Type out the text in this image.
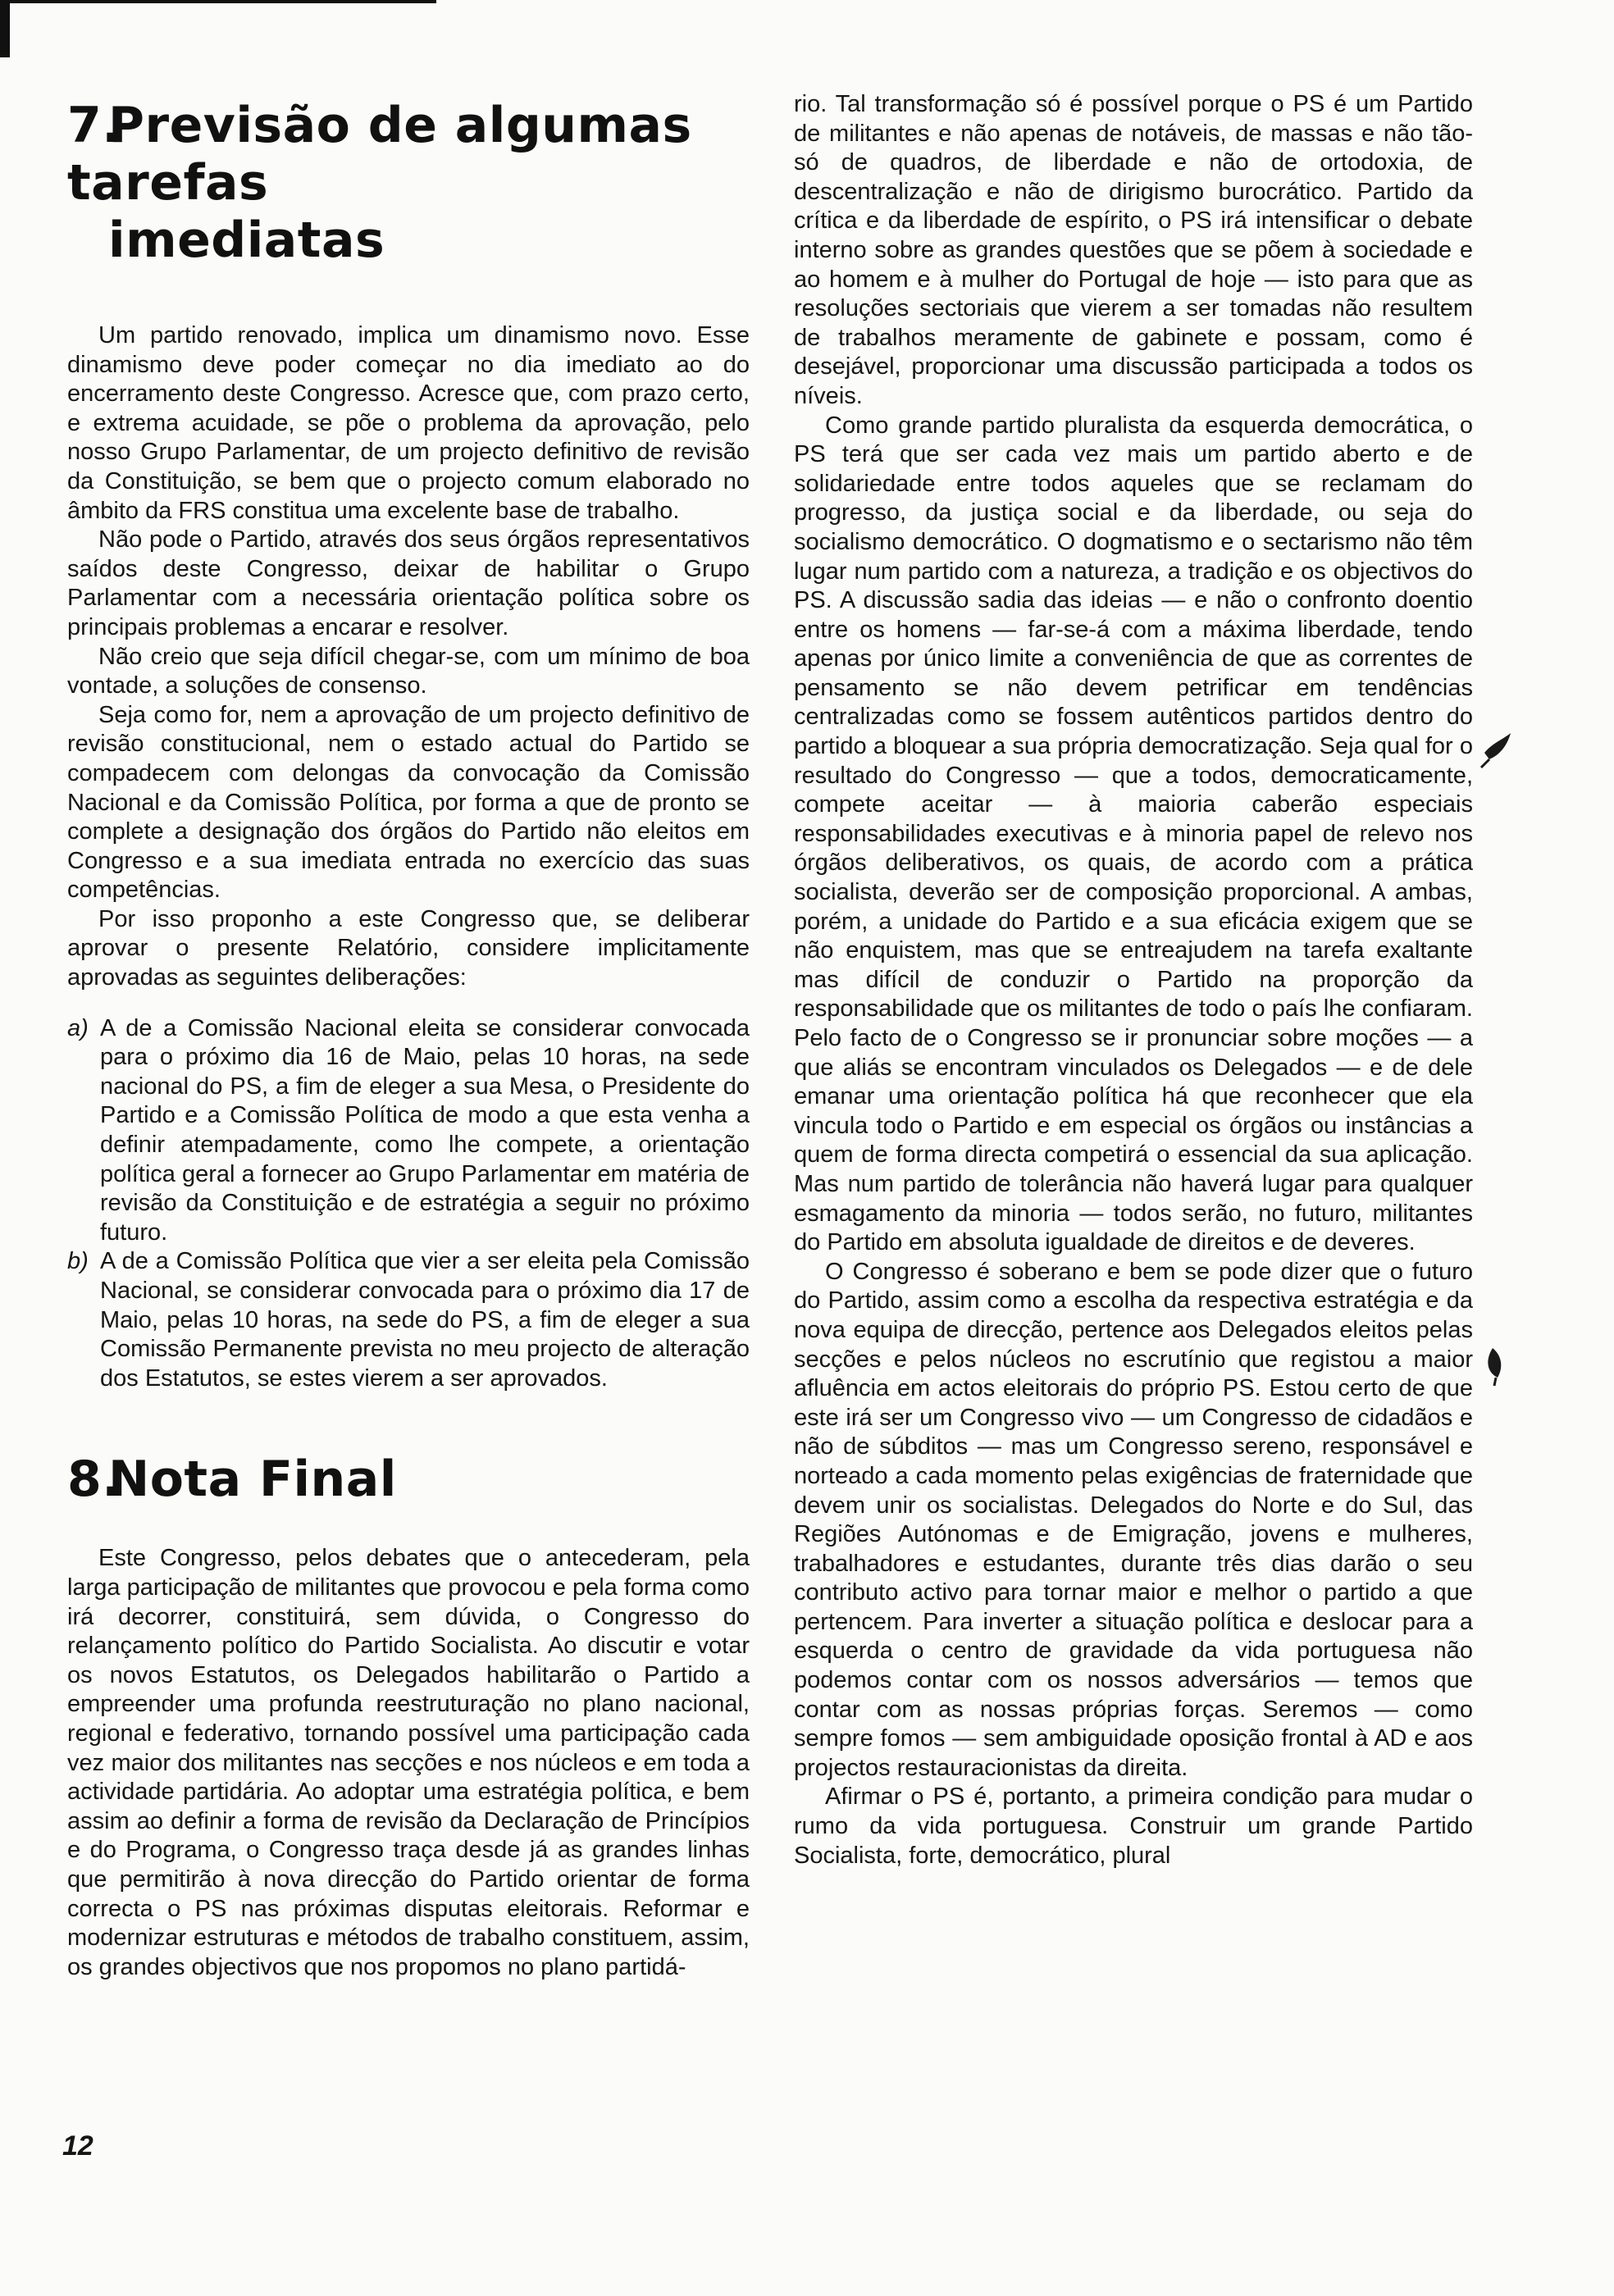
7.Previsão de algumas tarefas
imediatas

Um partido renovado, implica um dinamismo novo. Esse dinamismo deve poder começar no dia imediato ao do encerramento deste Congresso. Acresce que, com prazo certo, e extrema acuidade, se põe o problema da aprovação, pelo nosso Grupo Parlamentar, de um projecto definitivo de revisão da Constituição, se bem que o projecto comum elaborado no âmbito da FRS constitua uma excelente base de trabalho.

Não pode o Partido, através dos seus órgãos representativos saídos deste Congresso, deixar de habilitar o Grupo Parlamentar com a necessária orientação política sobre os principais problemas a encarar e resolver.

Não creio que seja difícil chegar-se, com um mínimo de boa vontade, a soluções de consenso.

Seja como for, nem a aprovação de um projecto definitivo de revisão constitucional, nem o estado actual do Partido se compadecem com delongas da convocação da Comissão Nacional e da Comissão Política, por forma a que de pronto se complete a designação dos órgãos do Partido não eleitos em Congresso e a sua imediata entrada no exercício das suas competências.

Por isso proponho a este Congresso que, se deliberar aprovar o presente Relatório, considere implicitamente aprovadas as seguintes deliberações:

a) A de a Comissão Nacional eleita se considerar convocada para o próximo dia 16 de Maio, pelas 10 horas, na sede nacional do PS, a fim de eleger a sua Mesa, o Presidente do Partido e a Comissão Política de modo a que esta venha a definir atempadamente, como lhe compete, a orientação política geral a fornecer ao Grupo Parlamentar em matéria de revisão da Constituição e de estratégia a seguir no próximo futuro.
b) A de a Comissão Política que vier a ser eleita pela Comissão Nacional, se considerar convocada para o próximo dia 17 de Maio, pelas 10 horas, na sede do PS, a fim de eleger a sua Comissão Permanente prevista no meu projecto de alteração dos Estatutos, se estes vierem a ser aprovados.
8.Nota Final

Este Congresso, pelos debates que o antecederam, pela larga participação de militantes que provocou e pela forma como irá decorrer, constituirá, sem dúvida, o Congresso do relançamento político do Partido Socialista. Ao discutir e votar os novos Estatutos, os Delegados habilitarão o Partido a empreender uma profunda reestruturação no plano nacional, regional e federativo, tornando possível uma participação cada vez maior dos militantes nas secções e nos núcleos e em toda a actividade partidária. Ao adoptar uma estratégia política, e bem assim ao definir a forma de revisão da Declaração de Princípios e do Programa, o Congresso traça desde já as grandes linhas que permitirão à nova direcção do Partido orientar de forma correcta o PS nas próximas disputas eleitorais. Reformar e modernizar estruturas e métodos de trabalho constituem, assim, os grandes objectivos que nos propomos no plano partidá-

rio. Tal transformação só é possível porque o PS é um Partido de militantes e não apenas de notáveis, de massas e não tão-só de quadros, de liberdade e não de ortodoxia, de descentralização e não de dirigismo burocrático. Partido da crítica e da liberdade de espírito, o PS irá intensificar o debate interno sobre as grandes questões que se põem à sociedade e ao homem e à mulher do Portugal de hoje — isto para que as resoluções sectoriais que vierem a ser tomadas não resultem de trabalhos meramente de gabinete e possam, como é desejável, proporcionar uma discussão participada a todos os níveis.

Como grande partido pluralista da esquerda democrática, o PS terá que ser cada vez mais um partido aberto e de solidariedade entre todos aqueles que se reclamam do progresso, da justiça social e da liberdade, ou seja do socialismo democrático. O dogmatismo e o sectarismo não têm lugar num partido com a natureza, a tradição e os objectivos do PS. A discussão sadia das ideias — e não o confronto doentio entre os homens — far-se-á com a máxima liberdade, tendo apenas por único limite a conveniência de que as correntes de pensamento se não devem petrificar em tendências centralizadas como se fossem autênticos partidos dentro do partido a bloquear a sua própria democratização. Seja qual for o resultado do Congresso — que a todos, democraticamente, compete aceitar — à maioria caberão especiais responsabilidades executivas e à minoria papel de relevo nos órgãos deliberativos, os quais, de acordo com a prática socialista, deverão ser de composição proporcional. A ambas, porém, a unidade do Partido e a sua eficácia exigem que se não enquistem, mas que se entreajudem na tarefa exaltante mas difícil de conduzir o Partido na proporção da responsabilidade que os militantes de todo o país lhe confiaram. Pelo facto de o Congresso se ir pronunciar sobre moções — a que aliás se encontram vinculados os Delegados — e de dele emanar uma orientação política há que reconhecer que ela vincula todo o Partido e em especial os órgãos ou instâncias a quem de forma directa competirá o essencial da sua aplicação. Mas num partido de tolerância não haverá lugar para qualquer esmagamento da minoria — todos serão, no futuro, militantes do Partido em absoluta igualdade de direitos e de deveres.

O Congresso é soberano e bem se pode dizer que o futuro do Partido, assim como a escolha da respectiva estratégia e da nova equipa de direcção, pertence aos Delegados eleitos pelas secções e pelos núcleos no escrutínio que registou a maior afluência em actos eleitorais do próprio PS. Estou certo de que este irá ser um Congresso vivo — um Congresso de cidadãos e não de súbditos — mas um Congresso sereno, responsável e norteado a cada momento pelas exigências de fraternidade que devem unir os socialistas. Delegados do Norte e do Sul, das Regiões Autónomas e de Emigração, jovens e mulheres, trabalhadores e estudantes, durante três dias darão o seu contributo activo para tornar maior e melhor o partido a que pertencem. Para inverter a situação política e deslocar para a esquerda o centro de gravidade da vida portuguesa não podemos contar com os nossos adversários — temos que contar com as nossas próprias forças. Seremos — como sempre fomos — sem ambiguidade oposição frontal à AD e aos projectos restauracionistas da direita.

Afirmar o PS é, portanto, a primeira condição para mudar o rumo da vida portuguesa. Construir um grande Partido Socialista, forte, democrático, plural

12
